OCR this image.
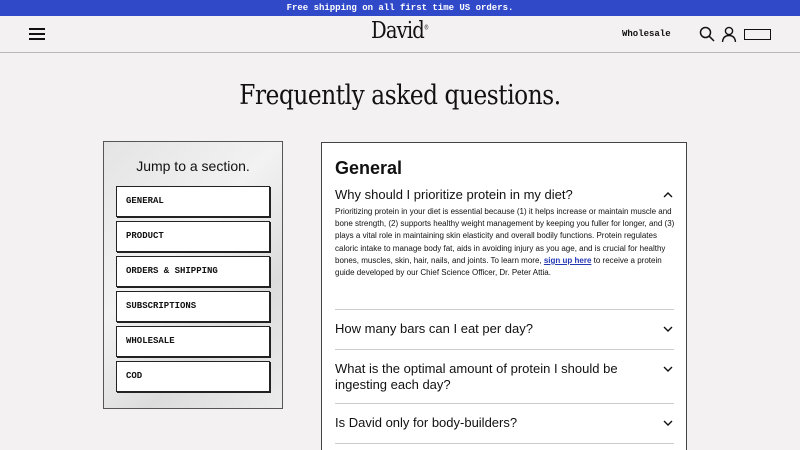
Free shipping on all first time US orders.
David®
Wholesale
Frequently asked questions.
Jump to a section.
GENERAL
PRODUCT
ORDERS & SHIPPING
SUBSCRIPTIONS
WHOLESALE
COD
General
Why should I prioritize protein in my diet?
Prioritizing protein in your diet is essential because (1) it helps increase or maintain muscle and bone strength, (2) supports healthy weight management by keeping you fuller for longer, and (3) plays a vital role in maintaining skin elasticity and overall bodily functions. Protein regulates caloric intake to manage body fat, aids in avoiding injury as you age, and is crucial for healthy bones, muscles, skin, hair, nails, and joints. To learn more, sign up here to receive a protein guide developed by our Chief Science Officer, Dr. Peter Attia.
How many bars can I eat per day?
What is the optimal amount of protein I should be ingesting each day?
Is David only for body-builders?
